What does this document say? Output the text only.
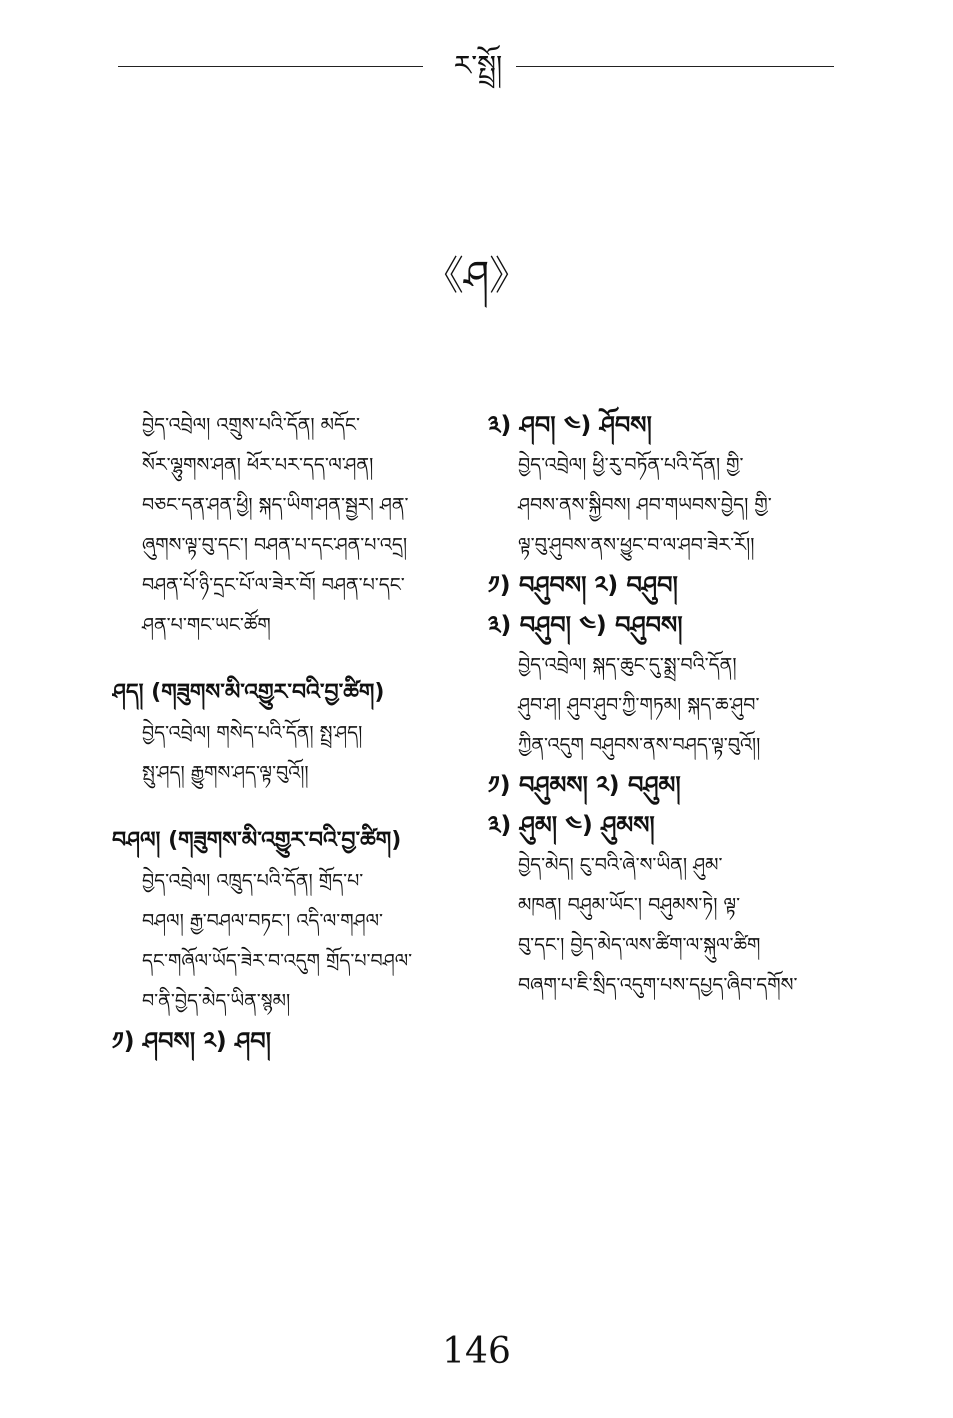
ར་སྤྲོ།
《ཤ》
བྱེད་འབྲེལ། འགྲུས་པའི་དོན། མདོང་
སོར་ལྷུགས་ཤན། ཕོར་པར་དད་ལ་ཤན།
བཅང་དན་ཤན་ཕྱི། སྐད་ཡིག་ཤན་སྦྱར། ཤན་
ཞུགས་ལྟ་བུ་དང་། བཤན་པ་དང་ཤན་པ་འདྲ།
བཤན་པོ་ཉི་དྲང་པོ་ལ་ཟེར་བོ། བཤན་པ་དང་
ཤན་པ་གང་ཡང་ཚོག
ཤད། (གཟུགས་མི་འགྱུར་བའི་བྱ་ཚིག)
བྱེད་འབྲེལ། གསེད་པའི་དོན། སྤྲ་ཤད།
སྤུ་ཤད། རྒྱུགས་ཤད་ལྟ་བུའོ།།
བཤལ། (གཟུགས་མི་འགྱུར་བའི་བྱ་ཚིག)
བྱེད་འབྲེལ། འཁྲུད་པའི་དོན། གྲོད་པ་
བཤལ། རྒྱ་བཤལ་བཏང་། འདི་ལ་གཤལ་
དང་གཞོལ་ཡོད་ཟེར་བ་འདུག གྲོད་པ་བཤལ་
བ་ནི་བྱེད་མེད་ཡིན་སྙམ།
༡) ཤབས། ༢) ཤབ།
༣) ཤབ། ༤) ཤོབས།
བྱེད་འབྲེལ། ཕྱི་རུ་བཏོན་པའི་དོན། གྱི་
ཤབས་ནས་སྐྱིབས། ཤབ་གཡབས་བྱེད། གྱི་
ལྟ་བུ་ཤུབས་ནས་ཕྱུང་བ་ལ་ཤབ་ཟེར་རོ།།
༡) བཤུབས། ༢) བཤུབ།
༣) བཤུབ། ༤) བཤུབས།
བྱེད་འབྲེལ། སྐད་ཆུང་དུ་སྨྲ་བའི་དོན།
ཤུབ་ཤ། ཤུབ་ཤུབ་ཀྱི་གཏམ། སྐད་ཆ་ཤུབ་
ཀྱིན་འདུག བཤུབས་ནས་བཤད་ལྟ་བུའོ།།
༡) བཤུམས། ༢) བཤུམ།
༣) ཤུམ། ༤) ཤུམས།
བྱེད་མེད། ངུ་བའི་ཞེ་ས་ཡིན། ཤུམ་
མཁན། བཤུམ་ཡོང་། བཤུམས་ཏེ། ལྟ་
བུ་དང་། བྱེད་མེད་ལས་ཚིག་ལ་སྐུལ་ཚིག
བཞག་པ་ཇི་སྲིད་འདུག་པས་དཔྱད་ཞིབ་དགོས་
146
